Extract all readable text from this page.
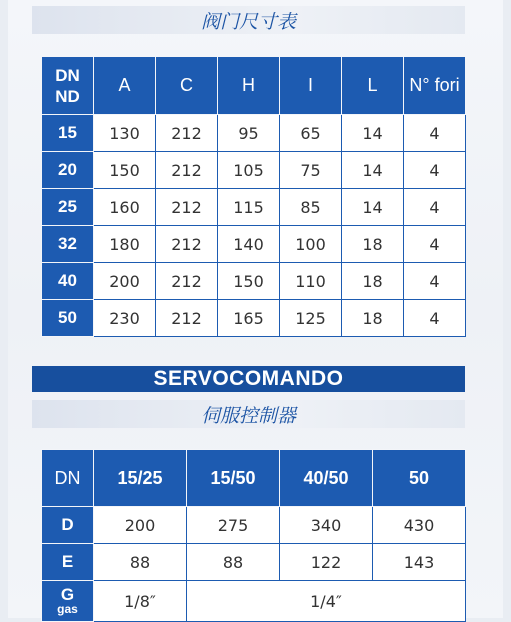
阀门尺寸表
DN
ND	A	C	H	I	L	N° fori
15	130	212	95	65	14	4
20	150	212	105	75	14	4
25	160	212	115	85	14	4
32	180	212	140	100	18	4
40	200	212	150	110	18	4
50	230	212	165	125	18	4
SERVOCOMANDO
伺服控制器
DN	15/25	15/50	40/50	50
D	200	275	340	430
E	88	88	122	143

G
gas	1/8″	1/4″		
